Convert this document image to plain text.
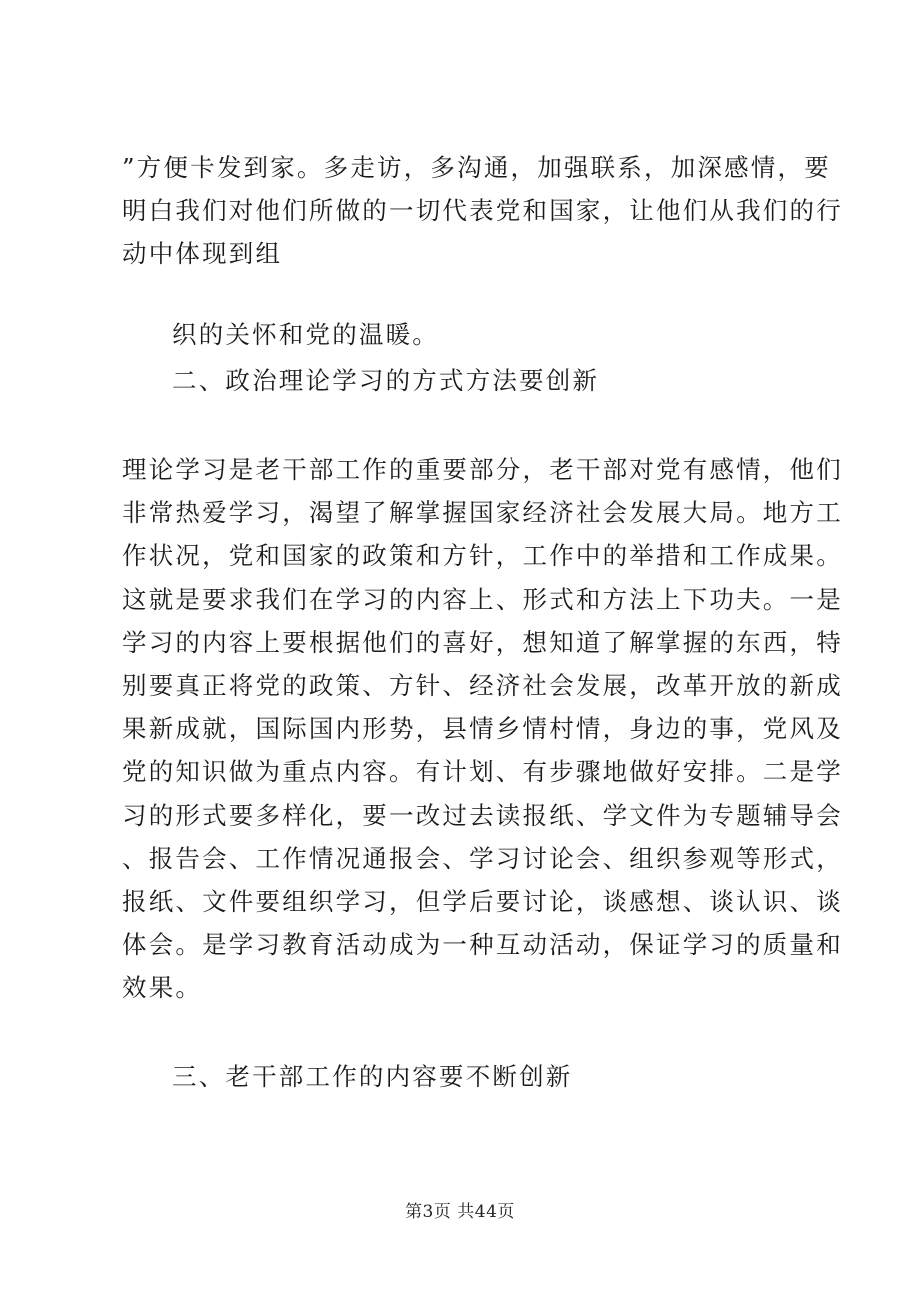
”方便卡发到家。多走访，多沟通，加强联系，加深感情，要
明白我们对他们所做的一切代表党和国家，让他们从我们的行
动中体现到组

织的关怀和党的温暖。

二、政治理论学习的方式方法要创新

理论学习是老干部工作的重要部分，老干部对党有感情，他们
非常热爱学习，渴望了解掌握国家经济社会发展大局。地方工
作状况，党和国家的政策和方针，工作中的举措和工作成果。
这就是要求我们在学习的内容上、形式和方法上下功夫。一是
学习的内容上要根据他们的喜好，想知道了解掌握的东西，特
别要真正将党的政策、方针、经济社会发展，改革开放的新成
果新成就，国际国内形势，县情乡情村情，身边的事，党风及
党的知识做为重点内容。有计划、有步骤地做好安排。二是学
习的形式要多样化，要一改过去读报纸、学文件为专题辅导会
、报告会、工作情况通报会、学习讨论会、组织参观等形式，
报纸、文件要组织学习，但学后要讨论，谈感想、谈认识、谈
体会。是学习教育活动成为一种互动活动，保证学习的质量和
效果。

三、老干部工作的内容要不断创新

第3页 共44页
